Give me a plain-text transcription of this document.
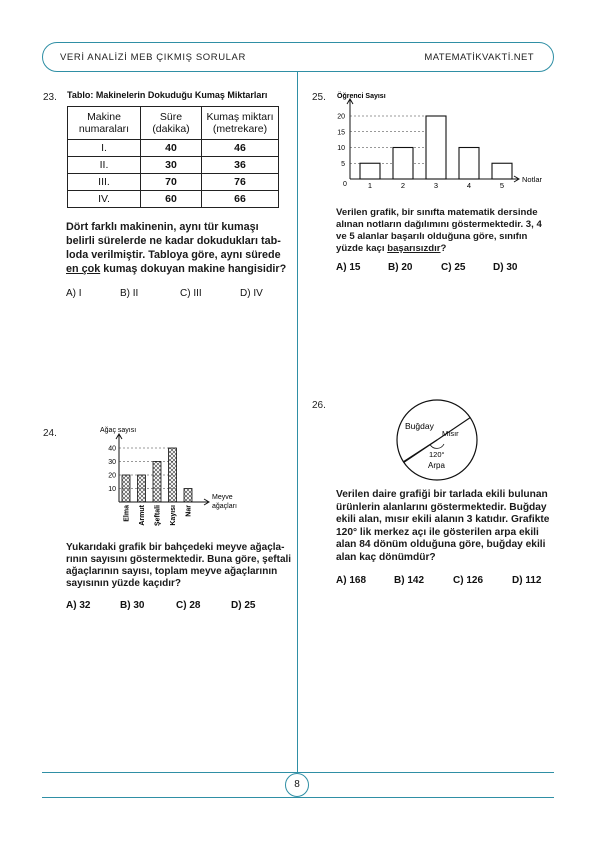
VERİ ANALİZİ MEB ÇIKMIŞ SORULAR	MATEMATİKVAKTİ.NET
8
23. Tablo: Makinelerin Dokuduğu Kumaş Miktarları
Makine
numaraları	Süre
(dakika)	Kumaş miktarı
(metrekare)
I.	40	46
II.	30	36
III.	70	76
IV.	60	66
Dört farklı makinenin, aynı tür kumaşı
belirli sürelerde ne kadar dokudukları tab-
loda verilmiştir. Tabloya göre, aynı sürede
en çok kumaş dokuyan makine hangisidir?
A) I	B) II	C) III	D) IV
24.	Ağaç sayısı
10
20
30
40
Elma Armut Şeftali Kayısı Nar
Meyve
ağaçları
Yukarıdaki grafik bir bahçedeki meyve ağaçla-
rının sayısını göstermektedir. Buna göre, şeftali
ağaçlarının sayısı, toplam meyve ağaçlarının
sayısının yüzde kaçıdır?
A) 32	B) 30	C) 28	D) 25
25. Öğrenci Sayısı
0
5
10
15
20
1	2	3	4	5
Notlar
Verilen grafik, bir sınıfta matematik dersinde
alınan notların dağılımını göstermektedir. 3, 4
ve 5 alanlar başarılı olduğuna göre, sınıfın
yüzde kaçı başarısızdır?
A) 15	B) 20	C) 25	D) 30
26.
Buğday
Mısır
120°
Arpa
Verilen daire grafiği bir tarlada ekili bulunan
ürünlerin alanlarını göstermektedir. Buğday
ekili alan, mısır ekili alanın 3 katıdır. Grafikte
120° lik merkez açı ile gösterilen arpa ekili
alan 84 dönüm olduğuna göre, buğday ekili
alan kaç dönümdür?
A) 168	B) 142	C) 126	D) 112
